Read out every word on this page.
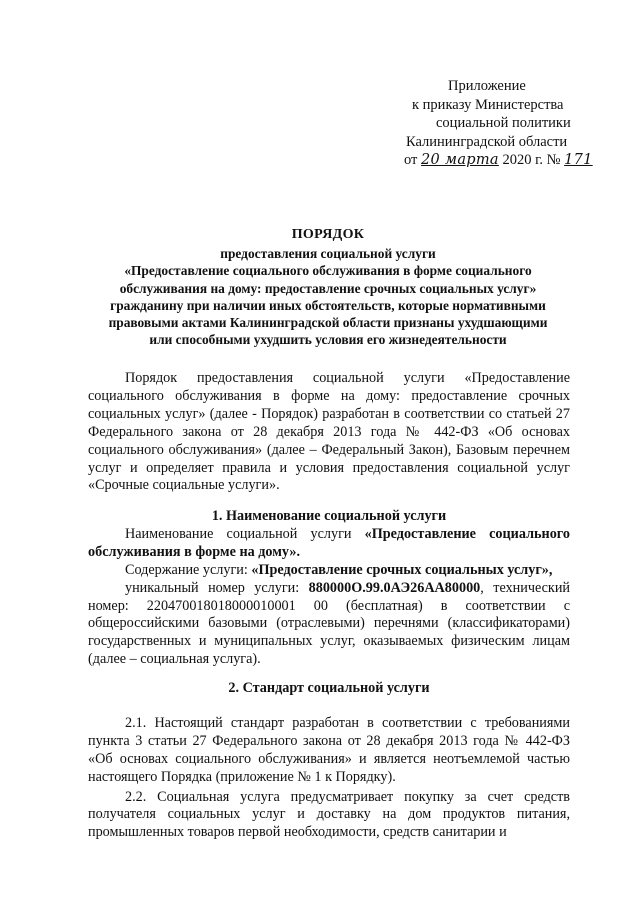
Приложение
к приказу Министерства
социальной политики
Калининградской области
от 20 марта 2020 г. № 171
ПОРЯДОК
предоставления социальной услуги
«Предоставление социального обслуживания в форме социального
обслуживания на дому: предоставление срочных социальных услуг»
гражданину при наличии иных обстоятельств, которые нормативными
правовыми актами Калининградской области признаны ухудшающими
или способными ухудшить условия его жизнедеятельности
Порядок предоставления социальной услуги «Предоставление социального обслуживания в форме на дому: предоставление срочных социальных услуг» (далее - Порядок) разработан в соответствии со статьей 27 Федерального закона от 28 декабря 2013 года № 442-ФЗ «Об основах социального обслуживания» (далее – Федеральный Закон), Базовым перечнем услуг и определяет правила и условия предоставления социальной услуг «Срочные социальные услуги».
1. Наименование социальной услуги
Наименование социальной услуги «Предоставление социального обслуживания в форме на дому».
Содержание услуги: «Предоставление срочных социальных услуг»,
уникальный номер услуги: 880000О.99.0АЭ26АА80000, технический
номер: 220470018018000010001 00 (бесплатная) в соответствии с
общероссийскими базовыми (отраслевыми) перечнями (классификаторами) государственных и муниципальных услуг, оказываемых физическим лицам (далее – социальная услуга).
2. Стандарт социальной услуги
2.1. Настоящий стандарт разработан в соответствии с требованиями пункта 3 статьи 27 Федерального закона от 28 декабря 2013 года № 442-ФЗ «Об основах социального обслуживания» и является неотъемлемой частью настоящего Порядка (приложение № 1 к Порядку).
2.2. Социальная услуга предусматривает покупку за счет средств получателя социальных услуг и доставку на дом продуктов питания, промышленных товаров первой необходимости, средств санитарии и
